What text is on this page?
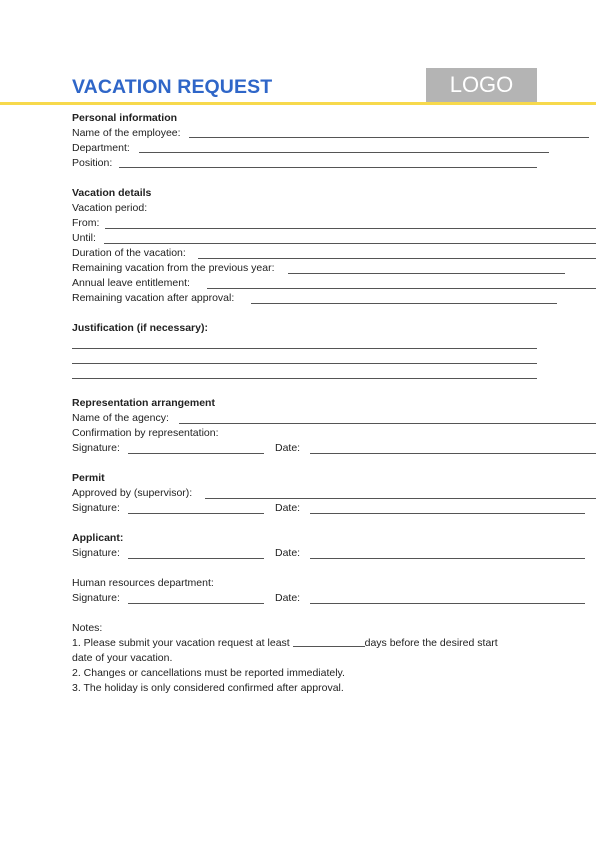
VACATION REQUEST	LOGO
Personal information
Name of the employee:
Department:
Position:
Vacation details
Vacation period:
From:
Until:
Duration of the vacation:
Remaining vacation from the previous year:
Annual leave entitlement:
Remaining vacation after approval:
Justification (if necessary):
Representation arrangement
Name of the agency:
Confirmation by representation:
Signature:	Date:
Permit
Approved by (supervisor):
Signature:	Date:
Applicant:
Signature:	Date:
Human resources department:
Signature:	Date:
Notes:
1. Please submit your vacation request at least	days before the desired start
date of your vacation.
2. Changes or cancellations must be reported immediately.
3. The holiday is only considered confirmed after approval.
